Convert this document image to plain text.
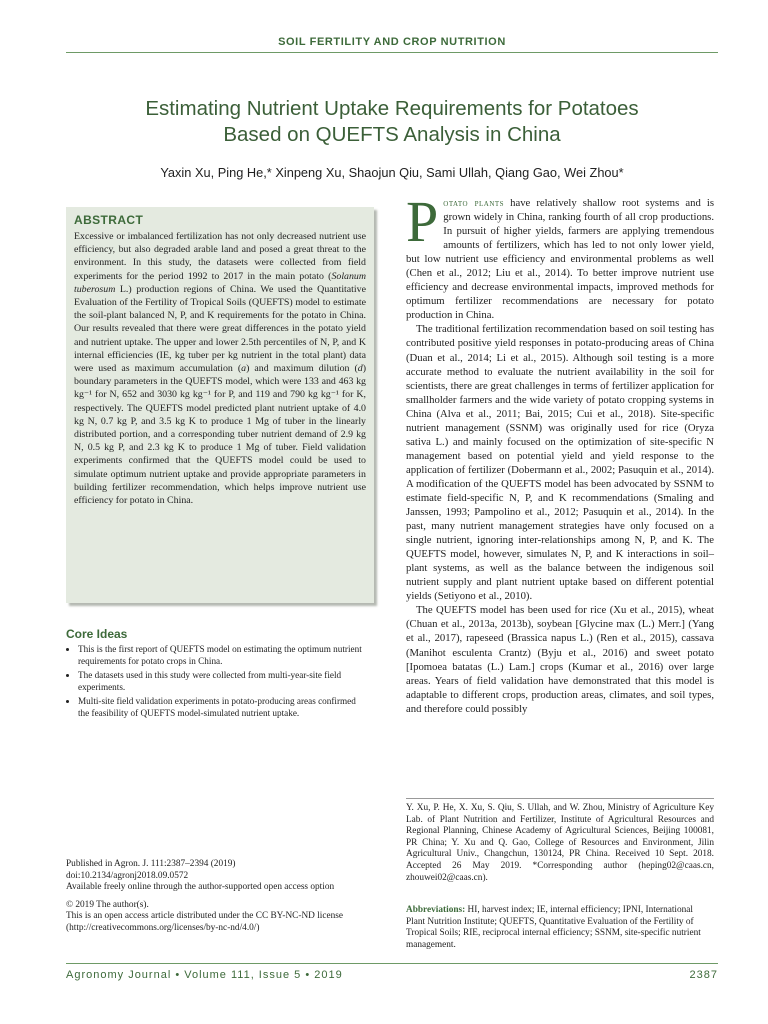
SOIL FERTILITY AND CROP NUTRITION
Estimating Nutrient Uptake Requirements for Potatoes
Based on QUEFTS Analysis in China
Yaxin Xu, Ping He,* Xinpeng Xu, Shaojun Qiu, Sami Ullah, Qiang Gao, Wei Zhou*
ABSTRACT

Excessive or imbalanced fertilization has not only decreased nutrient use efficiency, but also degraded arable land and posed a great threat to the environment. In this study, the datasets were collected from field experiments for the period 1992 to 2017 in the main potato (Solanum tuberosum L.) production regions of China. We used the Quantitative Evaluation of the Fertility of Tropical Soils (QUEFTS) model to estimate the soil-plant balanced N, P, and K requirements for the potato in China. Our results revealed that there were great differences in the potato yield and nutrient uptake. The upper and lower 2.5th percentiles of N, P, and K internal efficiencies (IE, kg tuber per kg nutrient in the total plant) data were used as maximum accumulation (a) and maximum dilution (d) boundary parameters in the QUEFTS model, which were 133 and 463 kg kg⁻¹ for N, 652 and 3030 kg kg⁻¹ for P, and 119 and 790 kg kg⁻¹ for K, respectively. The QUEFTS model predicted plant nutrient uptake of 4.0 kg N, 0.7 kg P, and 3.5 kg K to produce 1 Mg of tuber in the linearly distributed portion, and a corresponding tuber nutrient demand of 2.9 kg N, 0.5 kg P, and 2.3 kg K to produce 1 Mg of tuber. Field validation experiments confirmed that the QUEFTS model could be used to simulate optimum nutrient uptake and provide appropriate parameters in building fertilizer recommendation, which helps improve nutrient use efficiency for potato in China.

Core Ideas
• This is the first report of QUEFTS model on estimating the optimum nutrient requirements for potato crops in China.
• The datasets used in this study were collected from multi-year-site field experiments.
• Multi-site field validation experiments in potato-producing areas confirmed the feasibility of QUEFTS model-simulated nutrient uptake.

Published in Agron. J. 111:2387–2394 (2019)
doi:10.2134/agronj2018.09.0572
Available freely online through the author-supported open access option

© 2019 The author(s).
This is an open access article distributed under the CC BY-NC-ND license (http://creativecommons.org/licenses/by-nc-nd/4.0/)

Potato plants have relatively shallow root systems and is grown widely in China, ranking fourth of all crop productions. In pursuit of higher yields, farmers are applying tremendous amounts of fertilizers, which has led to not only lower yield, but low nutrient use efficiency and environmental problems as well (Chen et al., 2012; Liu et al., 2014). To better improve nutrient use efficiency and decrease environmental impacts, improved methods for optimum fertilizer recommendations are necessary for potato production in China.

The traditional fertilization recommendation based on soil testing has contributed positive yield responses in potato-producing areas of China (Duan et al., 2014; Li et al., 2015). Although soil testing is a more accurate method to evaluate the nutrient availability in the soil for scientists, there are great challenges in terms of fertilizer application for smallholder farmers and the wide variety of potato cropping systems in China (Alva et al., 2011; Bai, 2015; Cui et al., 2018). Site-specific nutrient management (SSNM) was originally used for rice (Oryza sativa L.) and mainly focused on the optimization of site-specific N management based on potential yield and yield response to the application of fertilizer (Dobermann et al., 2002; Pasuquin et al., 2014). A modification of the QUEFTS model has been advocated by SSNM to estimate field-specific N, P, and K recommendations (Smaling and Janssen, 1993; Pampolino et al., 2012; Pasuquin et al., 2014). In the past, many nutrient management strategies have only focused on a single nutrient, ignoring inter-relationships among N, P, and K. The QUEFTS model, however, simulates N, P, and K interactions in soil–plant systems, as well as the balance between the indigenous soil nutrient supply and plant nutrient uptake based on different potential yields (Setiyono et al., 2010).

The QUEFTS model has been used for rice (Xu et al., 2015), wheat (Chuan et al., 2013a, 2013b), soybean [Glycine max (L.) Merr.] (Yang et al., 2017), rapeseed (Brassica napus L.) (Ren et al., 2015), cassava (Manihot esculenta Crantz) (Byju et al., 2016) and sweet potato [Ipomoea batatas (L.) Lam.] crops (Kumar et al., 2016) over large areas. Years of field validation have demonstrated that this model is adaptable to different crops, production areas, climates, and soil types, and therefore could possibly

Y. Xu, P. He, X. Xu, S. Qiu, S. Ullah, and W. Zhou, Ministry of Agriculture Key Lab. of Plant Nutrition and Fertilizer, Institute of Agricultural Resources and Regional Planning, Chinese Academy of Agricultural Sciences, Beijing 100081, PR China; Y. Xu and Q. Gao, College of Resources and Environment, Jilin Agricultural Univ., Changchun, 130124, PR China. Received 10 Sept. 2018. Accepted 26 May 2019. *Corresponding author (heping02@caas.cn, zhouwei02@caas.cn).
Abbreviations: HI, harvest index; IE, internal efficiency; IPNI, International Plant Nutrition Institute; QUEFTS, Quantitative Evaluation of the Fertility of Tropical Soils; RIE, reciprocal internal efficiency; SSNM, site-specific nutrient management.
Agronomy Journal • Volume 111, Issue 5 • 2019	2387
